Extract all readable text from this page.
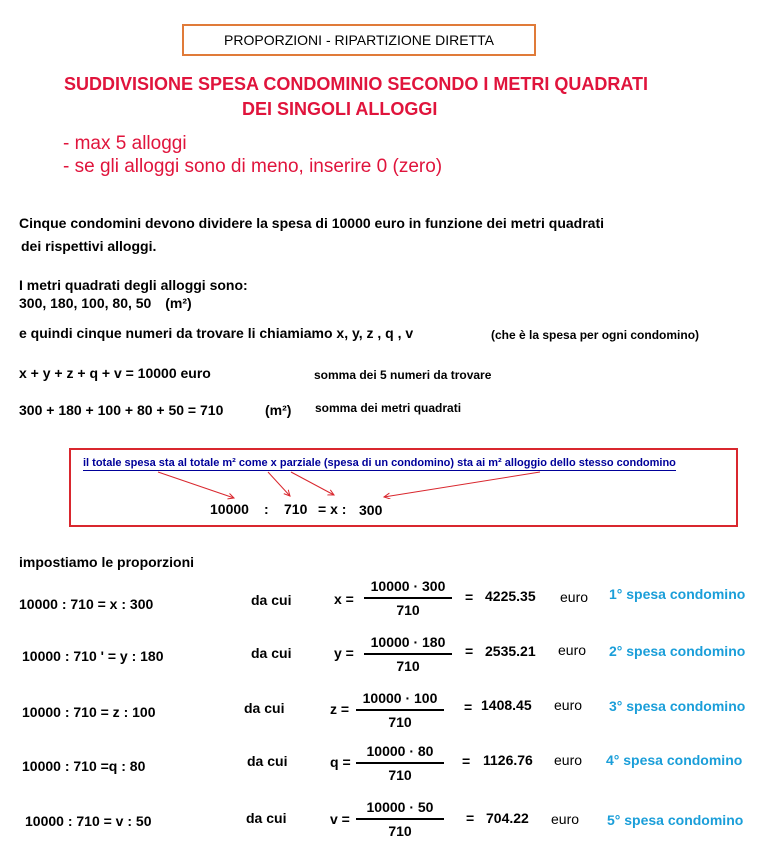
PROPORZIONI - RIPARTIZIONE DIRETTA
SUDDIVISIONE SPESA CONDOMINIO SECONDO I METRI QUADRATI
DEI SINGOLI ALLOGGI
- max 5 alloggi
- se gli alloggi sono di meno, inserire 0 (zero)
Cinque condomini devono dividere la spesa di 10000 euro in funzione dei metri quadrati
dei rispettivi alloggi.
I metri quadrati degli alloggi sono:
300, 180, 100, 80, 50 (m²)
e quindi cinque numeri da trovare li chiamiamo x, y, z , q , v	(che è la spesa per ogni condomino)
x + y + z + q + v = 10000 euro	somma dei 5 numeri da trovare
300 + 180 + 100 + 80 + 50 = 710	(m²) somma dei metri quadrati
il totale spesa sta al totale m² come x parziale (spesa di un condomino) sta ai m² alloggio dello stesso condomino
10000 : 710 = x : 300
impostiamo le proporzioni
10000 : 710 = x : 300	da cui	x =
10000 · 300
710
= 4225.35 euro 1° spesa condomino
10000 : 710 ' = y : 180	da cui	y =
10000 · 180
710
= 2535.21 euro 2° spesa condomino
10000 : 710 = z : 100	da cui	z =
10000 · 100
710
= 1408.45 euro 3° spesa condomino
10000 : 710 =q : 80	da cui	q =
10000 · 80
710
= 1126.76 euro 4° spesa condomino
10000 : 710 = v : 50	da cui	v =
10000 · 50
710
= 704.22 euro 5° spesa condomino
